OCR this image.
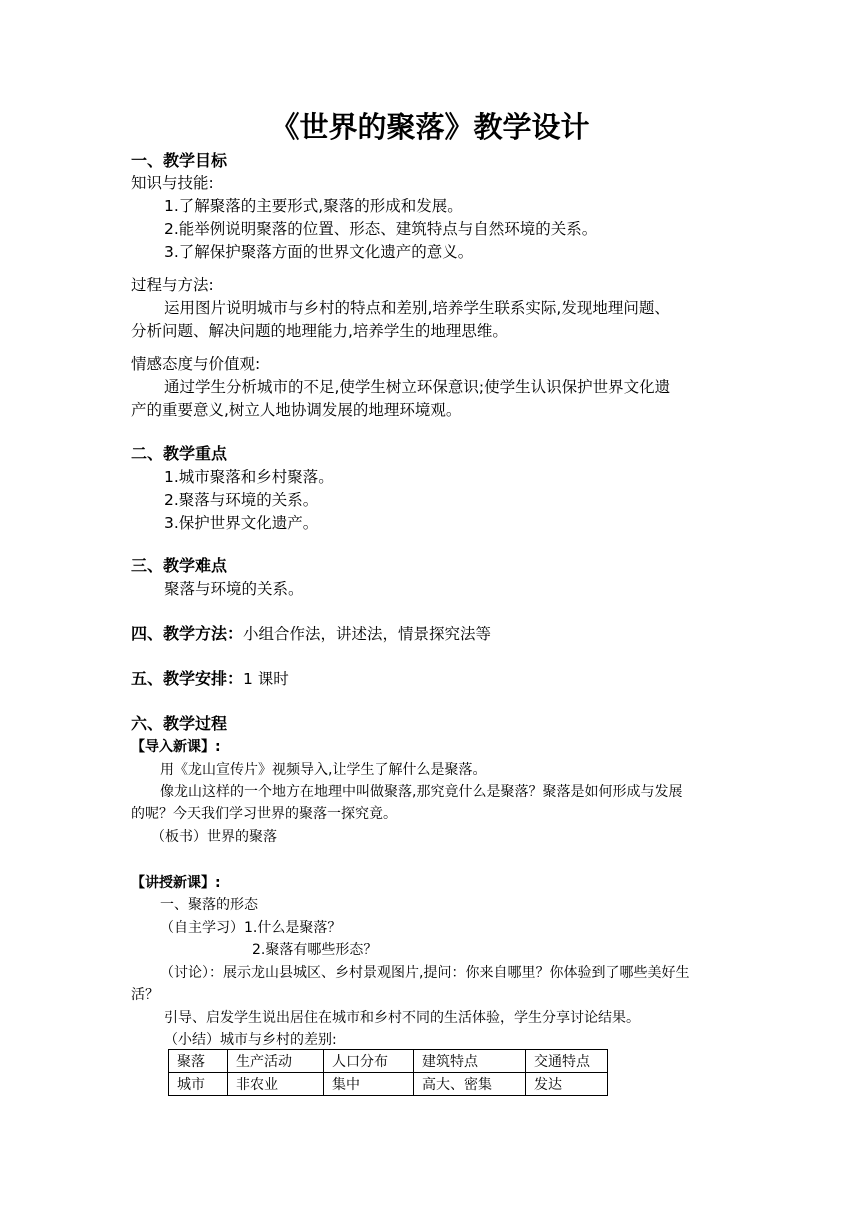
《世界的聚落》教学设计
一、教学目标
知识与技能:
1.了解聚落的主要形式,聚落的形成和发展。
2.能举例说明聚落的位置、形态、建筑特点与自然环境的关系。
3.了解保护聚落方面的世界文化遗产的意义。
过程与方法:
运用图片说明城市与乡村的特点和差别,培养学生联系实际,发现地理问题、
分析问题、解决问题的地理能力,培养学生的地理思维。
情感态度与价值观:
通过学生分析城市的不足,使学生树立环保意识;使学生认识保护世界文化遗
产的重要意义,树立人地协调发展的地理环境观。
二、教学重点
1.城市聚落和乡村聚落。
2.聚落与环境的关系。
3.保护世界文化遗产。
三、教学难点
聚落与环境的关系。
四、教学方法：小组合作法，讲述法，情景探究法等
五、教学安排：1 课时
六、教学过程
【导入新课】:
用《龙山宣传片》视频导入,让学生了解什么是聚落。
像龙山这样的一个地方在地理中叫做聚落,那究竟什么是聚落？聚落是如何形成与发展
的呢？今天我们学习世界的聚落一探究竟。
（板书）世界的聚落
【讲授新课】:
一、聚落的形态
（自主学习）1.什么是聚落？
2.聚落有哪些形态？
（讨论）：展示龙山县城区、乡村景观图片,提问：你来自哪里？你体验到了哪些美好生
活？
引导、启发学生说出居住在城市和乡村不同的生活体验，学生分享讨论结果。
（小结）城市与乡村的差别:
聚落	生产活动	人口分布	建筑特点	交通特点
城市	非农业	集中	高大、密集	发达
